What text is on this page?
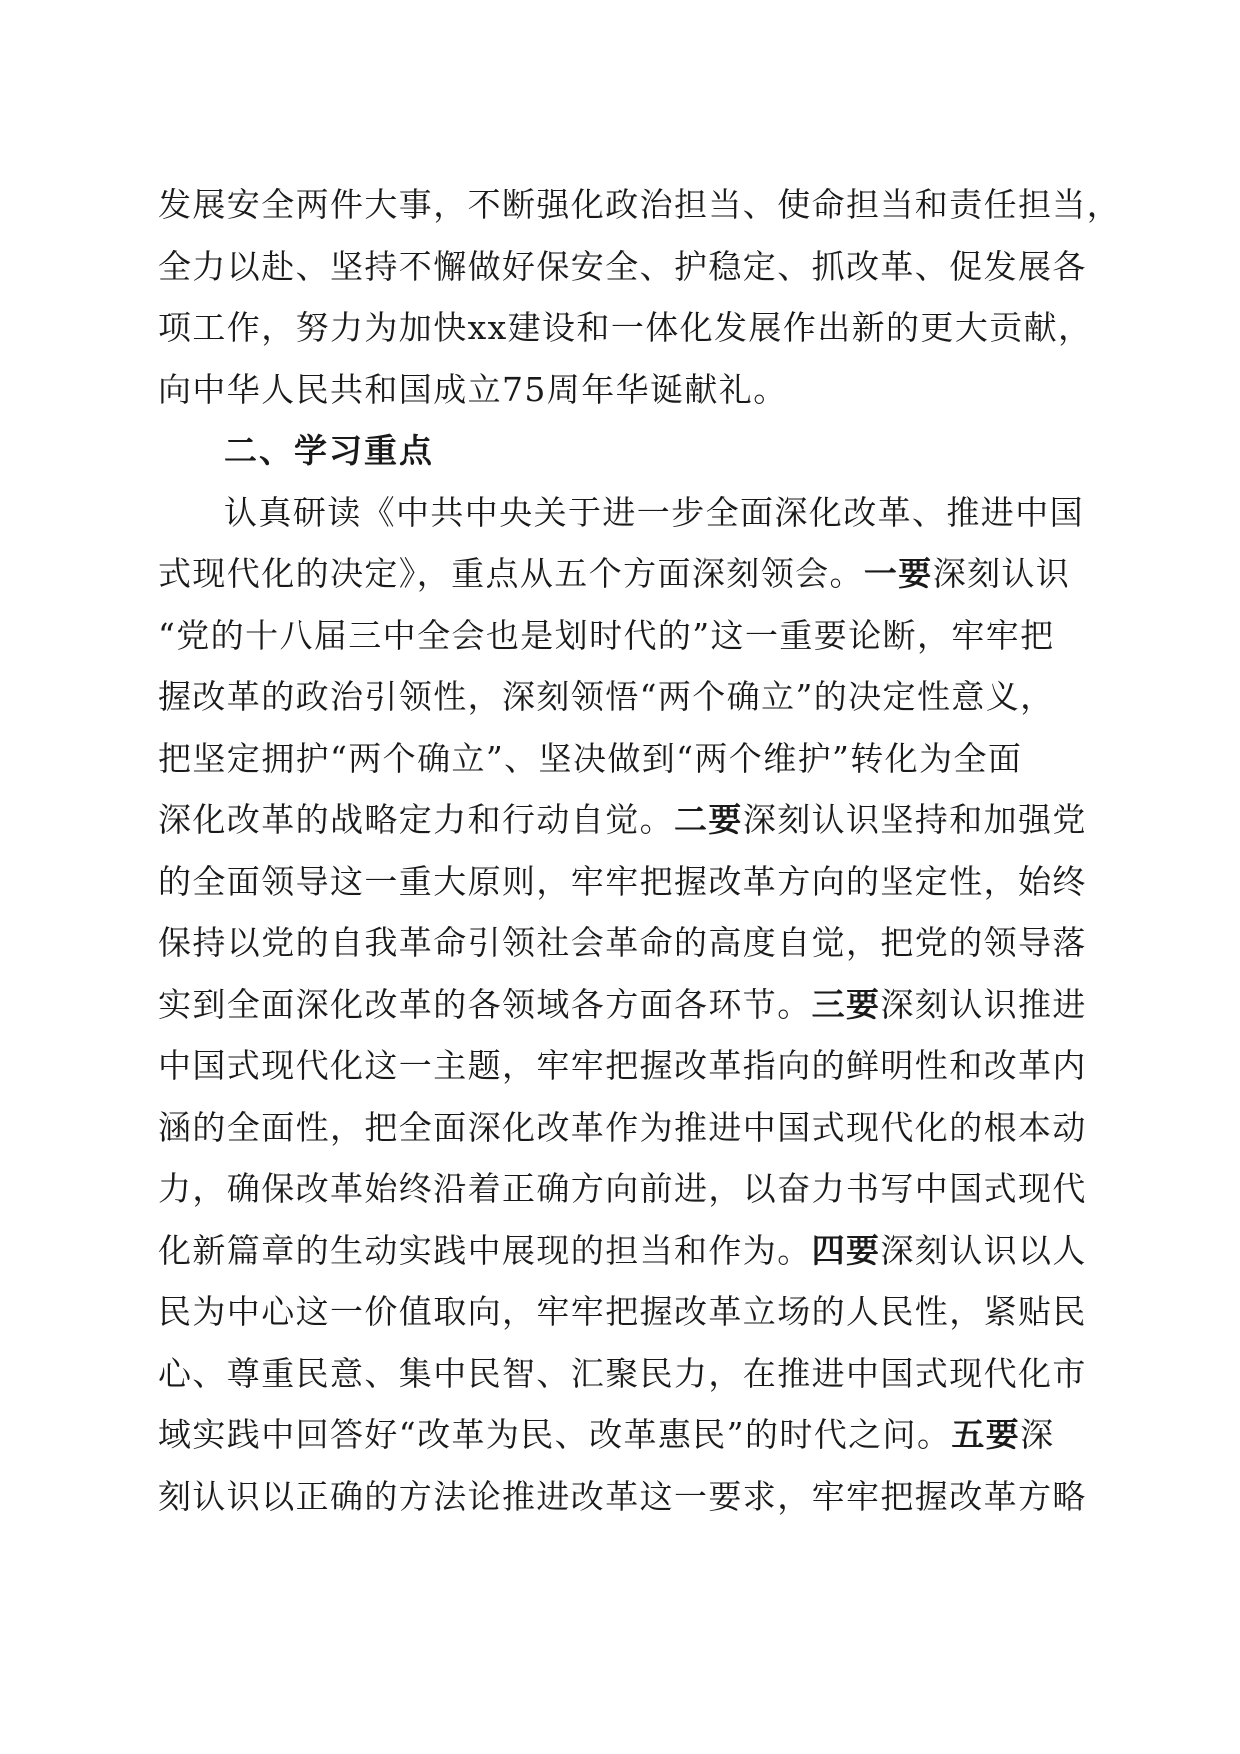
发展安全两件大事，不断强化政治担当、使命担当和责任担当，
全力以赴、坚持不懈做好保安全、护稳定、抓改革、促发展各
项工作，努力为加快xx建设和一体化发展作出新的更大贡献，
向中华人民共和国成立75周年华诞献礼。
二、学习重点
认真研读《中共中央关于进一步全面深化改革、推进中国
式现代化的决定》，重点从五个方面深刻领会。一要深刻认识
“党的十八届三中全会也是划时代的”这一重要论断，牢牢把
握改革的政治引领性，深刻领悟“两个确立”的决定性意义，
把坚定拥护“两个确立”、坚决做到“两个维护”转化为全面
深化改革的战略定力和行动自觉。二要深刻认识坚持和加强党
的全面领导这一重大原则，牢牢把握改革方向的坚定性，始终
保持以党的自我革命引领社会革命的高度自觉，把党的领导落
实到全面深化改革的各领域各方面各环节。三要深刻认识推进
中国式现代化这一主题，牢牢把握改革指向的鲜明性和改革内
涵的全面性，把全面深化改革作为推进中国式现代化的根本动
力，确保改革始终沿着正确方向前进，以奋力书写中国式现代
化新篇章的生动实践中展现的担当和作为。四要深刻认识以人
民为中心这一价值取向，牢牢把握改革立场的人民性，紧贴民
心、尊重民意、集中民智、汇聚民力，在推进中国式现代化市
域实践中回答好“改革为民、改革惠民”的时代之问。五要深
刻认识以正确的方法论推进改革这一要求，牢牢把握改革方略
